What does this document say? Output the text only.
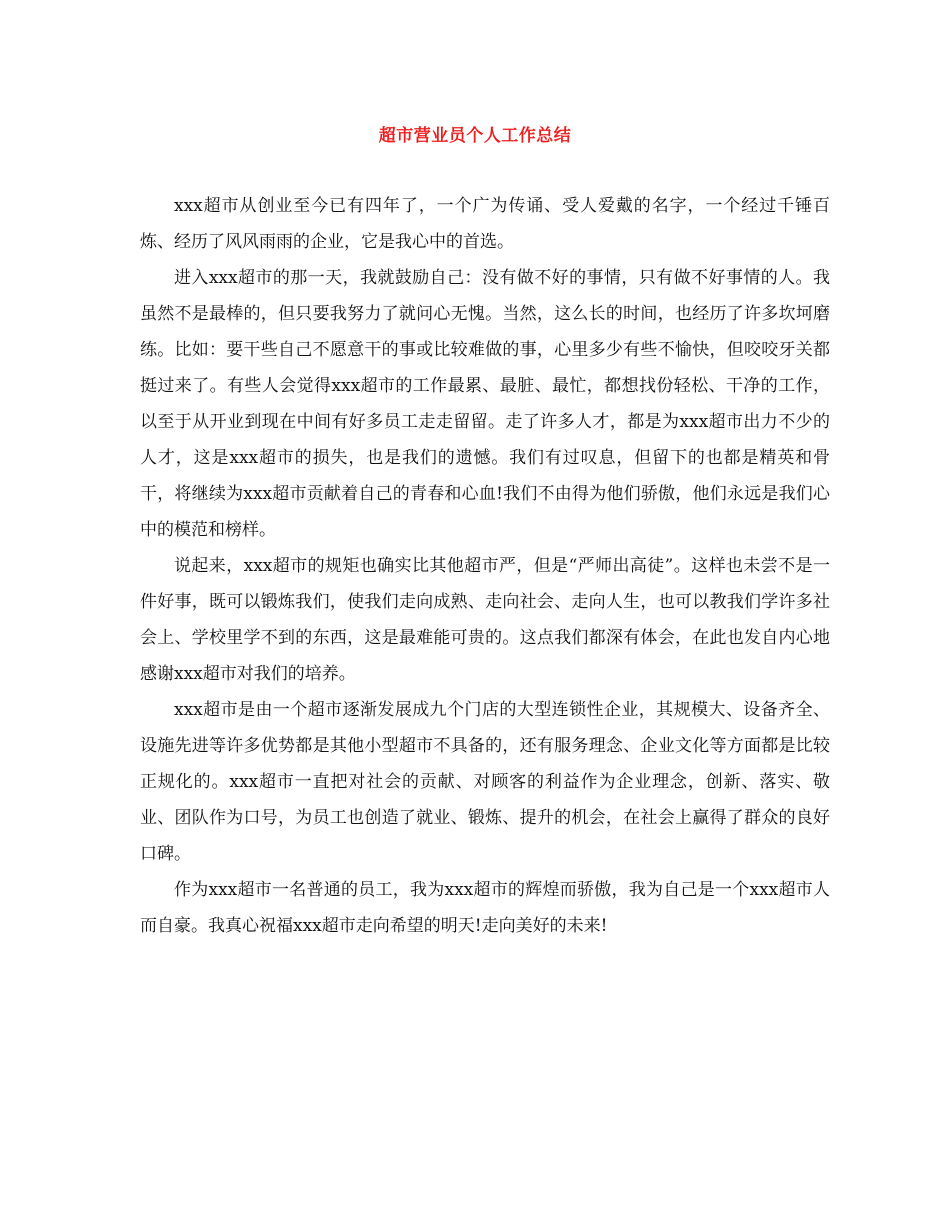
超市营业员个人工作总结

xxx超市从创业至今已有四年了，一个广为传诵、受人爱戴的名字，一个经过千锤百炼、经历了风风雨雨的企业，它是我心中的首选。

进入xxx超市的那一天，我就鼓励自己：没有做不好的事情，只有做不好事情的人。我虽然不是最棒的，但只要我努力了就问心无愧。当然，这么长的时间，也经历了许多坎坷磨练。比如：要干些自己不愿意干的事或比较难做的事，心里多少有些不愉快，但咬咬牙关都挺过来了。有些人会觉得xxx超市的工作最累、最脏、最忙，都想找份轻松、干净的工作，以至于从开业到现在中间有好多员工走走留留。走了许多人才，都是为xxx超市出力不少的人才，这是xxx超市的损失，也是我们的遗憾。我们有过叹息，但留下的也都是精英和骨干，将继续为xxx超市贡献着自己的青春和心血!我们不由得为他们骄傲，他们永远是我们心中的模范和榜样。

说起来，xxx超市的规矩也确实比其他超市严，但是“严师出高徒”。这样也未尝不是一件好事，既可以锻炼我们，使我们走向成熟、走向社会、走向人生，也可以教我们学许多社会上、学校里学不到的东西，这是最难能可贵的。这点我们都深有体会，在此也发自内心地感谢xxx超市对我们的培养。

xxx超市是由一个超市逐渐发展成九个门店的大型连锁性企业，其规模大、设备齐全、设施先进等许多优势都是其他小型超市不具备的，还有服务理念、企业文化等方面都是比较正规化的。xxx超市一直把对社会的贡献、对顾客的利益作为企业理念，创新、落实、敬业、团队作为口号，为员工也创造了就业、锻炼、提升的机会，在社会上赢得了群众的良好口碑。

作为xxx超市一名普通的员工，我为xxx超市的辉煌而骄傲，我为自己是一个xxx超市人而自豪。我真心祝福xxx超市走向希望的明天!走向美好的未来!
